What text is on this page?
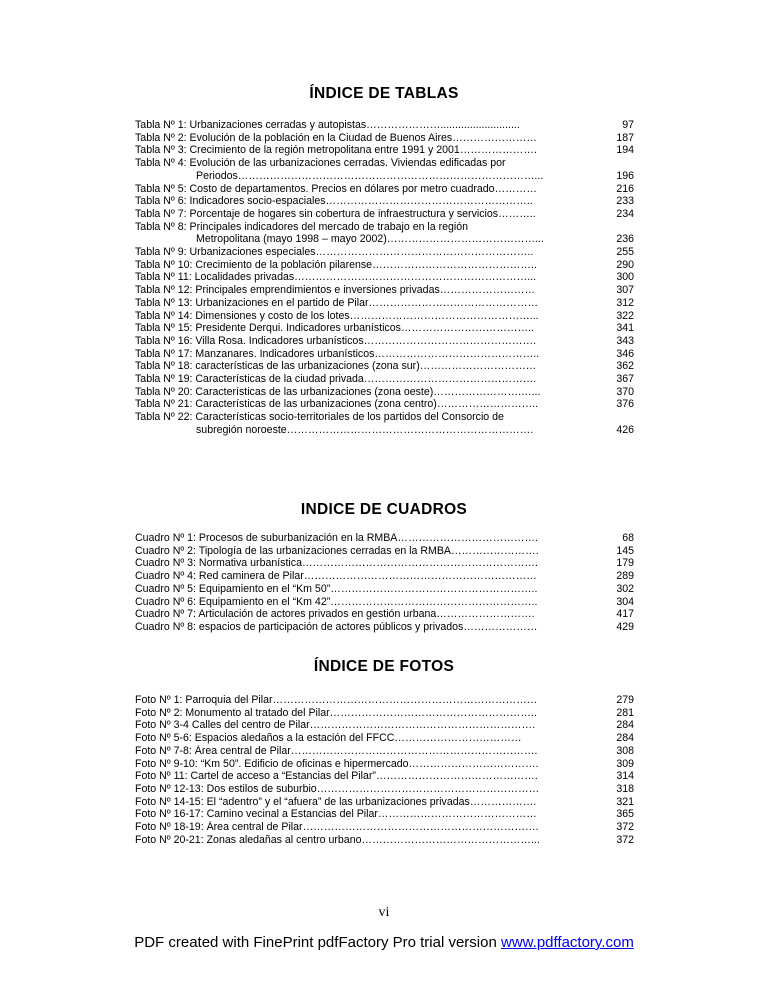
ÍNDICE DE TABLAS
Tabla Nº 1: Urbanizaciones cerradas y autopistas…………………...........................	97
Tabla Nº 2: Evolución de la población en la Ciudad de Buenos Aires……………………	187
Tabla Nº 3: Crecimiento de la región metropolitana entre 1991 y 2001………………….	194
Tabla Nº 4: Evolución de las urbanizaciones cerradas. Viviendas edificadas por
Periodos…………………………………………………………………………...	196
Tabla Nº 5: Costo de departamentos. Precios en dólares por metro cuadrado…………	216
Tabla Nº 6: Indicadores socio-espaciales…………………………………………………..	233
Tabla Nº 7: Porcentaje de hogares sin cobertura de infraestructura y servicios………..	234
Tabla Nº 8: Principales indicadores del mercado de trabajo en la región
Metropolitana (mayo 1998 – mayo 2002)……………………………………...	236
Tabla Nº 9: Urbanizaciones especiales……………………………………………………..	255
Tabla Nº 10: Crecimiento de la población pilarense………………………………………..	290
Tabla Nº 11: Localidades privadas…………………………………………………………...	300
Tabla Nº 12: Principales emprendimientos e inversiones privadas………………………	307
Tabla Nº 13: Urbanizaciones en el partido de Pilar…………………………………………	312
Tabla Nº 14: Dimensiones y costo de los lotes……………………………………………...	322
Tabla Nº 15: Presidente Derqui. Indicadores urbanísticos………………………………..	341
Tabla Nº 16: Villa Rosa. Indicadores urbanísticos………………………………………….	343
Tabla Nº 17: Manzanares. Indicadores urbanísticos………………………………………..	346
Tabla Nº 18: características de las urbanizaciones (zona sur)……………………………	362
Tabla Nº 19: Características de la ciudad privada………………………………………….	367
Tabla Nº 20: Características de las urbanizaciones (zona oeste)…………………….…...	370
Tabla Nº 21: Características de las urbanizaciones (zona centro)………………………..	376
Tabla Nº 22: Características socio-territoriales de los partidos del Consorcio de
subregión noroeste…………………………………………………………….	426
INDICE DE CUADROS
Cuadro Nº 1: Procesos de suburbanización en la RMBA………………………………….	68
Cuadro Nº 2: Tipología de las urbanizaciones cerradas en la RMBA…………………….	145
Cuadro Nº 3: Normativa urbanística………………………………………………………….	179
Cuadro Nº 4: Red caminera de Pilar…………………………………………………………	289
Cuadro Nº 5: Equipamiento en el “Km 50”…………………………………………………..	302
Cuadro Nº 6: Equipamiento en el “Km 42”…………………………………………………..	304
Cuadro Nº 7: Articulación de actores privados en gestión urbana……………………….	417
Cuadro Nº 8: espacios de participación de actores públicos y privados…………………	429
ÍNDICE DE FOTOS
Foto Nº 1: Parroquia del Pilar…………………………………………………………………	279
Foto Nº 2: Monumento al tratado del Pilar…………………………………………………..	281
Foto Nº 3-4 Calles del centro de Pilar……………………………………………………….	284
Foto Nº 5-6: Espacios aledaños a la estación del FFCC………………………………	284
Foto Nº 7-8: Área central de Pilar…………………………………………………………….	308
Foto Nº 9-10: “Km 50”. Edificio de oficinas e hipermercado……………………………….	309
Foto Nº 11: Cartel de acceso a “Estancias del Pilar”……………………………………….	314
Foto Nº 12-13: Dos estilos de suburbio………………………………………………………	318
Foto Nº 14-15: El “adentro” y el “afuera” de las urbanizaciones privadas……………….	321
Foto Nº 16-17: Camino vecinal a Estancias del Pilar………………………………………	365
Foto Nº 18-19: Área central de Pilar………………………………………………………….	372
Foto Nº 20-21: Zonas aledañas al centro urbano…………………………………………...	372
vi
PDF created with FinePrint pdfFactory Pro trial version www.pdffactory.com
